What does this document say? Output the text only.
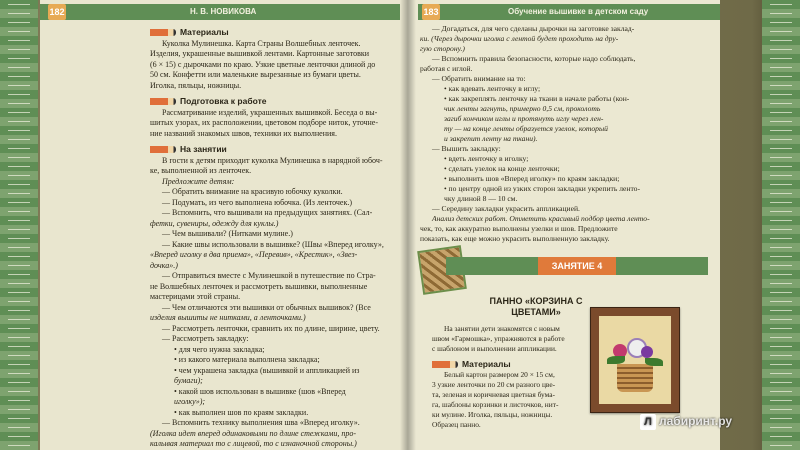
182	Н. В. НОВИКОВА	183	Обучение вышивке в детском саду
Материалы

Куколка Мулинешка. Карта Страны Волшебных ленточек.

Изделия, украшенные вышивкой лентами. Картонные заготовки

(6 × 15) с дырочками по краю. Узкие цветные ленточки длиной до

50 см. Конфетти или маленькие вырезанные из бумаги цветы.

Иголка, пяльцы, ножницы.

Подготовка к работе

Рассматривание изделий, украшенных вышивкой. Беседа о вы-

шитых узорах, их расположении, цветовом подборе ниток, уточне-

ние названий знакомых швов, техники их выполнения.

На занятии

В гости к детям приходит куколка Мулинешка в нарядной юбоч-

ке, выполненной из ленточек.

Предложите детям:

— Обратить внимание на красивую юбочку куколки.

— Подумать, из чего выполнена юбочка. (Из ленточек.)

— Вспомнить, что вышивали на предыдущих занятиях. (Сал-

фетки, сувениры, одежду для куклы.)

— Чем вышивали? (Нитками мулине.)

— Какие швы использовали в вышивке? (Швы «Вперед иголку»,

«Вперед иголку в два приема», «Перевив», «Крестик», «Звез-

дочка».)

— Отправиться вместе с Мулинешкой в путешествие по Стра-

не Волшебных ленточек и рассмотреть вышивки, выполненные

мастерицами этой страны.

— Чем отличаются эти вышивки от обычных вышивок? (Все

изделия вышиты не нитками, а ленточками.)

— Рассмотреть ленточки, сравнить их по длине, ширине, цвету.

— Рассмотреть закладку:

• для чего нужна закладка;

• из какого материала выполнена закладка;

• чем украшена закладка (вышивкой и аппликацией из

бумаги);

• какой шов использован в вышивке (шов «Вперед

иголку»);

• как выполнен шов по краям закладки.

— Вспомнить технику выполнения шва «Вперед иголку».

(Иголка идет вперед одинаковыми по длине стежками, про-

калывая материал то с лицевой, то с изнаночной стороны.)

— Догадаться, для чего сделаны дырочки на заготовке заклад-

ки. (Через дырочки иголка с лентой будет проходить на дру-

гую сторону.)

— Вспомнить правила безопасности, которые надо соблюдать,

работая с иглой.

— Обратить внимание на то:

• как вдевать ленточку в иглу;

• как закреплять ленточку на ткани в начале работы (кон-

чик ленты загнуть, примерно 0,5 см, проколоть

загиб кончиком иглы и протянуть иглу через лен-

ту — на конце ленты образуется узелок, который

и закрепит ленту на ткани).

— Вышить закладку:

• вдеть ленточку в иголку;

• сделать узелок на конце ленточки;

• выполнить шов «Вперед иголку» по краям закладки;

• по центру одной из узких сторон закладки укрепить ленто-

чку длиной 8 — 10 см.

— Середину закладки украсить аппликацией.

Анализ детских работ. Отметить красивый подбор цвета ленто-

чек, то, как аккуратно выполнены узелки и шов. Предложите

показать, как еще можно украсить выполненную закладку.

ЗАНЯТИЕ 4
ПАННО «КОРЗИНА С ЦВЕТАМИ»

На занятии дети знакомятся с новым

швом «Гармошка», упражняются в работе

с шаблоном и выполнении аппликации.

Материалы

Белый картон размером 20 × 15 см,

3 узкие ленточки по 20 см разного цве-

та, зеленая и коричневая цветная бума-

га, шаблоны корзинки и листочков, нит-

ки мулине. Иголка, пяльцы, ножницы.

Образец панно.	Л лабиринт.ру
